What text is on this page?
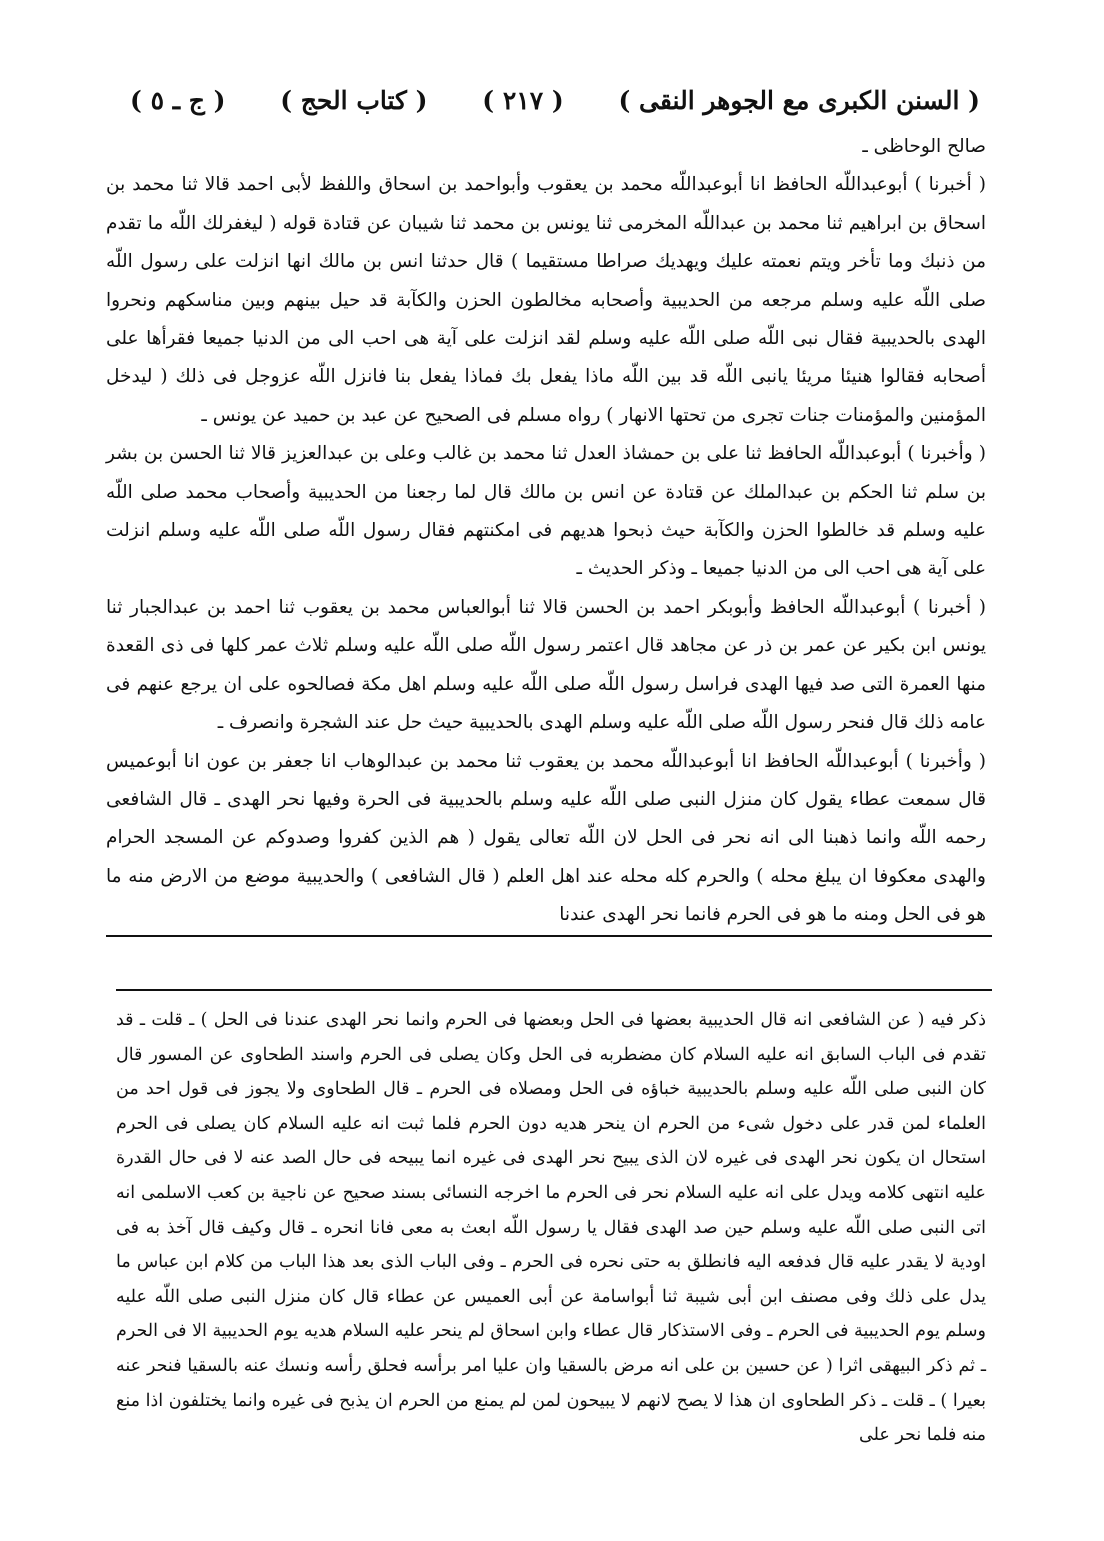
( السنن الكبرى مع الجوهر النقى )
( ٢١٧ )
( كتاب الحج )
( ج ـ ٥ )

صالح الوحاظى ـ

( أخبرنا ) أبوعبداللّه الحافظ انا أبوعبداللّه محمد بن يعقوب وأبواحمد بن اسحاق واللفظ لأبى احمد قالا ثنا محمد بن اسحاق بن ابراهيم ثنا محمد بن عبداللّه المخرمى ثنا يونس بن محمد ثنا شيبان عن قتادة قوله ( ليغفرلك اللّه ما تقدم من ذنبك وما تأخر ويتم نعمته عليك ويهديك صراطا مستقيما ) قال حدثنا انس بن مالك انها انزلت على رسول اللّه صلى اللّه عليه وسلم مرجعه من الحديبية وأصحابه مخالطون الحزن والكآبة قد حيل بينهم وبين مناسكهم ونحروا الهدى بالحديبية فقال نبى اللّه صلى اللّه عليه وسلم لقد انزلت على آية هى احب الى من الدنيا جميعا فقرأها على أصحابه فقالوا هنيئا مريئا يانبى اللّه قد بين اللّه ماذا يفعل بك فماذا يفعل بنا فانزل اللّه عزوجل فى ذلك ( ليدخل المؤمنين والمؤمنات جنات تجرى من تحتها الانهار ) رواه مسلم فى الصحيح عن عبد بن حميد عن يونس ـ

( وأخبرنا ) أبوعبداللّه الحافظ ثنا على بن حمشاذ العدل ثنا محمد بن غالب وعلى بن عبدالعزيز قالا ثنا الحسن بن بشر بن سلم ثنا الحكم بن عبدالملك عن قتادة عن انس بن مالك قال لما رجعنا من الحديبية وأصحاب محمد صلى اللّه عليه وسلم قد خالطوا الحزن والكآبة حيث ذبحوا هديهم فى امكنتهم فقال رسول اللّه صلى اللّه عليه وسلم انزلت على آية هى احب الى من الدنيا جميعا ـ وذكر الحديث ـ

( أخبرنا ) أبوعبداللّه الحافظ وأبوبكر احمد بن الحسن قالا ثنا أبوالعباس محمد بن يعقوب ثنا احمد بن عبدالجبار ثنا يونس ابن بكير عن عمر بن ذر عن مجاهد قال اعتمر رسول اللّه صلى اللّه عليه وسلم ثلاث عمر كلها فى ذى القعدة منها العمرة التى صد فيها الهدى فراسل رسول اللّه صلى اللّه عليه وسلم اهل مكة فصالحوه على ان يرجع عنهم فى عامه ذلك قال فنحر رسول اللّه صلى اللّه عليه وسلم الهدى بالحديبية حيث حل عند الشجرة وانصرف ـ

( وأخبرنا ) أبوعبداللّه الحافظ انا أبوعبداللّه محمد بن يعقوب ثنا محمد بن عبدالوهاب انا جعفر بن عون انا أبوعميس قال سمعت عطاء يقول كان منزل النبى صلى اللّه عليه وسلم بالحديبية فى الحرة وفيها نحر الهدى ـ قال الشافعى رحمه اللّه وانما ذهبنا الى انه نحر فى الحل لان اللّه تعالى يقول ( هم الذين كفروا وصدوكم عن المسجد الحرام والهدى معكوفا ان يبلغ محله ) والحرم كله محله عند اهل العلم ( قال الشافعى ) والحديبية موضع من الارض منه ما هو فى الحل ومنه ما هو فى الحرم فانما نحر الهدى عندنا

ذكر فيه ( عن الشافعى انه قال الحديبية بعضها فى الحل وبعضها فى الحرم وانما نحر الهدى عندنا فى الحل ) ـ قلت ـ قد تقدم فى الباب السابق انه عليه السلام كان مضطربه فى الحل وكان يصلى فى الحرم واسند الطحاوى عن المسور قال كان النبى صلى اللّه عليه وسلم بالحديبية خباؤه فى الحل ومصلاه فى الحرم ـ قال الطحاوى ولا يجوز فى قول احد من العلماء لمن قدر على دخول شىء من الحرم ان ينحر هديه دون الحرم فلما ثبت انه عليه السلام كان يصلى فى الحرم استحال ان يكون نحر الهدى فى غيره لان الذى يبيح نحر الهدى فى غيره انما يبيحه فى حال الصد عنه لا فى حال القدرة عليه انتهى كلامه ويدل على انه عليه السلام نحر فى الحرم ما اخرجه النسائى بسند صحيح عن ناجية بن كعب الاسلمى انه اتى النبى صلى اللّه عليه وسلم حين صد الهدى فقال يا رسول اللّه ابعث به معى فانا انحره ـ قال وكيف قال آخذ به فى اودية لا يقدر عليه قال فدفعه اليه فانطلق به حتى نحره فى الحرم ـ وفى الباب الذى بعد هذا الباب من كلام ابن عباس ما يدل على ذلك وفى مصنف ابن أبى شيبة ثنا أبواسامة عن أبى العميس عن عطاء قال كان منزل النبى صلى اللّه عليه وسلم يوم الحديبية فى الحرم ـ وفى الاستذكار قال عطاء وابن اسحاق لم ينحر عليه السلام هديه يوم الحديبية الا فى الحرم ـ ثم ذكر البيهقى اثرا ( عن حسين بن على انه مرض بالسقيا وان عليا امر برأسه فحلق رأسه ونسك عنه بالسقيا فنحر عنه بعيرا ) ـ قلت ـ ذكر الطحاوى ان هذا لا يصح لانهم لا يبيحون لمن لم يمنع من الحرم ان يذبح فى غيره وانما يختلفون اذا منع منه فلما نحر على
